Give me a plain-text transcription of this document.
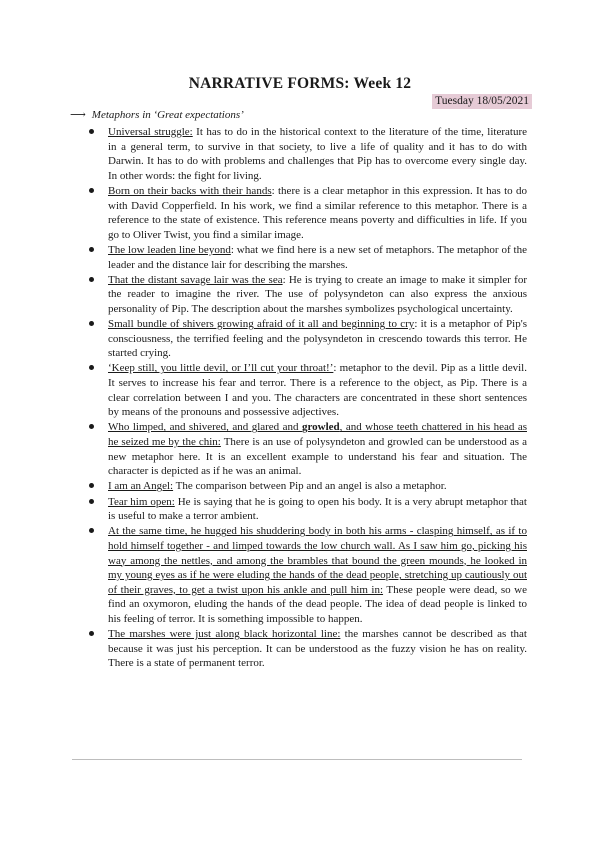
NARRATIVE FORMS: Week 12
Tuesday 18/05/2021
⟶ Metaphors in ‘Great expectations’
Universal struggle: It has to do in the historical context to the literature of the time, literature in a general term, to survive in that society, to live a life of quality and it has to do with Darwin. It has to do with problems and challenges that Pip has to overcome every single day. In other words: the fight for living.
Born on their backs with their hands: there is a clear metaphor in this expression. It has to do with David Copperfield. In his work, we find a similar reference to this metaphor. There is a reference to the state of existence. This reference means poverty and difficulties in life. If you go to Oliver Twist, you find a similar image.
The low leaden line beyond: what we find here is a new set of metaphors. The metaphor of the leader and the distance lair for describing the marshes.
That the distant savage lair was the sea: He is trying to create an image to make it simpler for the reader to imagine the river. The use of polysyndeton can also express the anxious personality of Pip. The description about the marshes symbolizes psychological uncertainty.
Small bundle of shivers growing afraid of it all and beginning to cry: it is a metaphor of Pip's consciousness, the terrified feeling and the polysyndeton in crescendo towards this terror. He started crying.
‘Keep still, you little devil, or I’ll cut your throat!’: metaphor to the devil. Pip as a little devil. It serves to increase his fear and terror. There is a reference to the object, as Pip. There is a clear correlation between I and you. The characters are concentrated in these short sentences by means of the pronouns and possessive adjectives.
Who limped, and shivered, and glared and growled, and whose teeth chattered in his head as he seized me by the chin: There is an use of polysyndeton and growled can be understood as a new metaphor here. It is an excellent example to understand his fear and situation. The character is depicted as if he was an animal.
I am an Angel: The comparison between Pip and an angel is also a metaphor.
Tear him open: He is saying that he is going to open his body. It is a very abrupt metaphor that is useful to make a terror ambient.
At the same time, he hugged his shuddering body in both his arms - clasping himself, as if to hold himself together - and limped towards the low church wall. As I saw him go, picking his way among the nettles, and among the brambles that bound the green mounds, he looked in my young eyes as if he were eluding the hands of the dead people, stretching up cautiously out of their graves, to get a twist upon his ankle and pull him in: These people were dead, so we find an oxymoron, eluding the hands of the dead people. The idea of dead people is linked to his feeling of terror. It is something impossible to happen.
The marshes were just along black horizontal line: the marshes cannot be described as that because it was just his perception. It can be understood as the fuzzy vision he has on reality. There is a state of permanent terror.
